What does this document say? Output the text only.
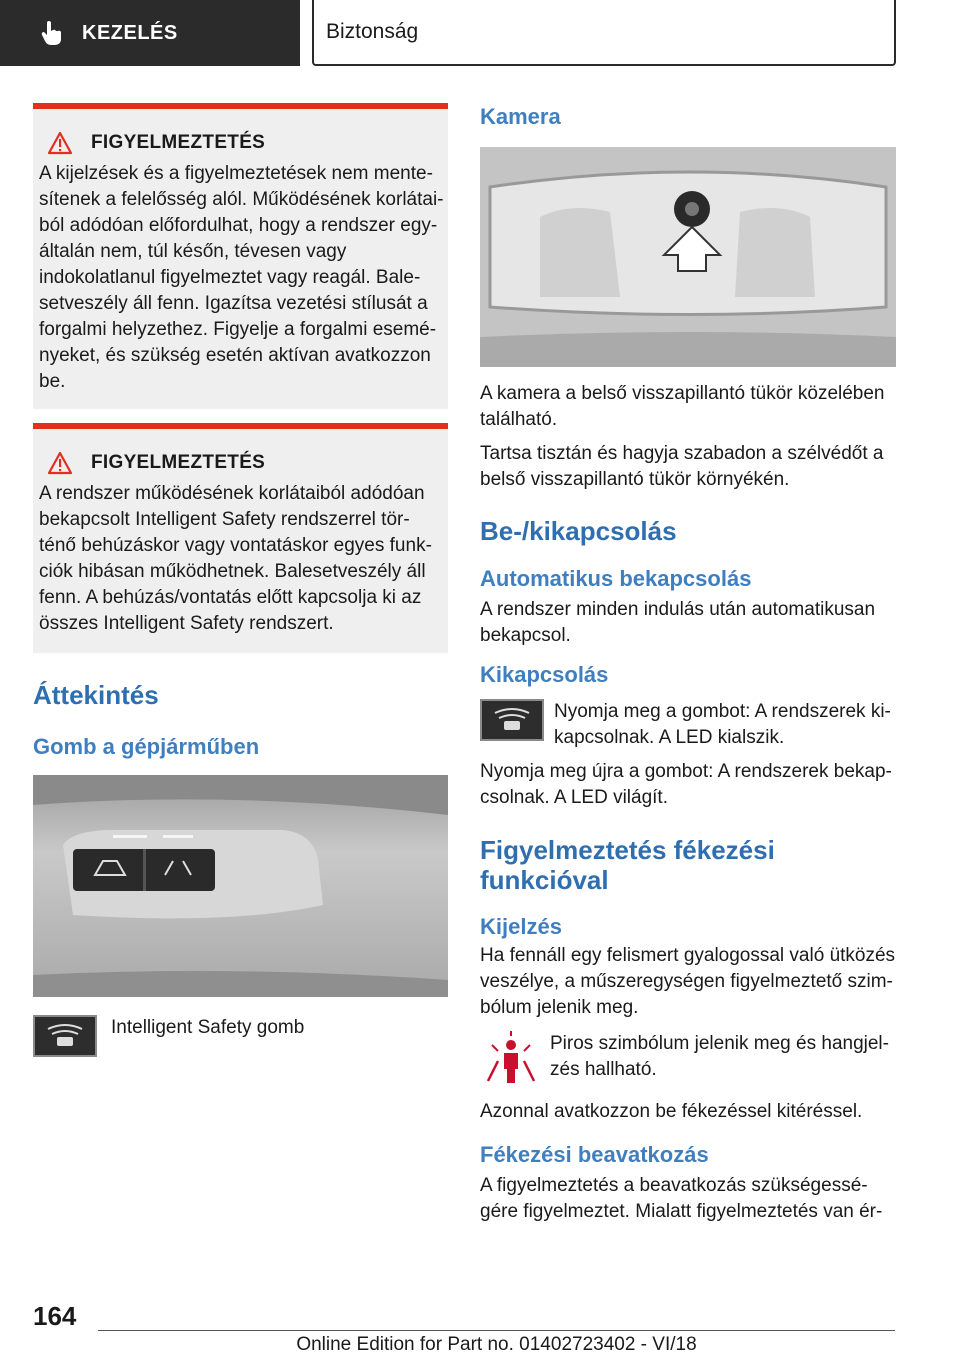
KEZELÉS	Biztonság
FIGYELMEZTETÉS

A kijelzések és a figyelmeztetések nem mente-sítenek a felelősség alól. Működésének korlátai-ból adódóan előfordulhat, hogy a rendszer egy-általán nem, túl későn, tévesen vagy indokolatlanul figyelmeztet vagy reagál. Bale-setveszély áll fenn. Igazítsa vezetési stílusát a forgalmi helyzethez. Figyelje a forgalmi esemé-nyeket, és szükség esetén aktívan avatkozzon be.

FIGYELMEZTETÉS

A rendszer működésének korlátaiból adódóan bekapcsolt Intelligent Safety rendszerrel tör-ténő behúzáskor vagy vontatáskor egyes funk-ciók hibásan működhetnek. Balesetveszély áll fenn. A behúzás/vontatás előtt kapcsolja ki az összes Intelligent Safety rendszert.

Áttekintés
Gomb a gépjárműben
Intelligent Safety gomb
Kamera

A kamera a belső visszapillantó tükör közelében található.

Tartsa tisztán és hagyja szabadon a szélvédőt a belső visszapillantó tükör környékén.

Be-/kikapcsolás
Automatikus bekapcsolás

A rendszer minden indulás után automatikusan bekapcsol.

Kikapcsolás
Nyomja meg a gombot: A rendszerek ki-kapcsolnak. A LED kialszik.

Nyomja meg újra a gombot: A rendszerek bekap-csolnak. A LED világít.

Figyelmeztetés fékezési funkcióval
Kijelzés

Ha fennáll egy felismert gyalogossal való ütközés veszélye, a műszeregységen figyelmeztető szim-bólum jelenik meg.

Piros szimbólum jelenik meg és hangjel-zés hallható.

Azonnal avatkozzon be fékezéssel kitéréssel.

Fékezési beavatkozás

A figyelmeztetés a beavatkozás szükségessé-gére figyelmeztet. Mialatt figyelmeztetés van ér-

164
Online Edition for Part no. 01402723402 - VI/18
